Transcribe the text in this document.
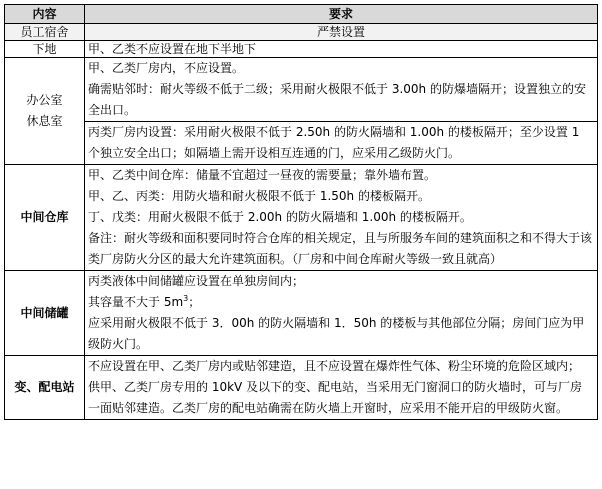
内容	要求
员工宿舍	严禁设置
下地	甲、乙类不应设置在地下半地下

办公室
休息室	甲、乙类厂房内，不应设置。
确需贴邻时：耐火等级不低于二级；采用耐火极限不低于 3.00h 的防爆墙隔开；设置独立的安全出口。

	丙类厂房内设置：采用耐火极限不低于 2.50h 的防火隔墙和 1.00h 的楼板隔开；至少设置 1 个独立安全出口；如隔墙上需开设相互连通的门，应采用乙级防火门。

中间仓库	甲、乙类中间仓库：储量不宜超过一昼夜的需要量；靠外墙布置。
甲、乙、丙类：用防火墙和耐火极限不低于 1.50h 的楼板隔开。
丁、戊类：用耐火极限不低于 2.00h 的防火隔墙和 1.00h 的楼板隔开。
备注：耐火等级和面积要同时符合仓库的相关规定，且与所服务车间的建筑面积之和不得大于该类厂房防火分区的最大允许建筑面积。（厂房和中间仓库耐火等级一致且就高）

中间储罐	丙类液体中间储罐应设置在单独房间内；
其容量不大于 $5m^3$；
应采用耐火极限不低于 3．00h 的防火隔墙和 1．50h 的楼板与其他部位分隔；房间门应为甲级防火门。

变、配电站	不应设置在甲、乙类厂房内或贴邻建造，且不应设置在爆炸性气体、粉尘环境的危险区域内；
供甲、乙类厂房专用的 10kV 及以下的变、配电站，当采用无门窗洞口的防火墙时，可与厂房一面贴邻建造。乙类厂房的配电站确需在防火墙上开窗时，应采用不能开启的甲级防火窗。
